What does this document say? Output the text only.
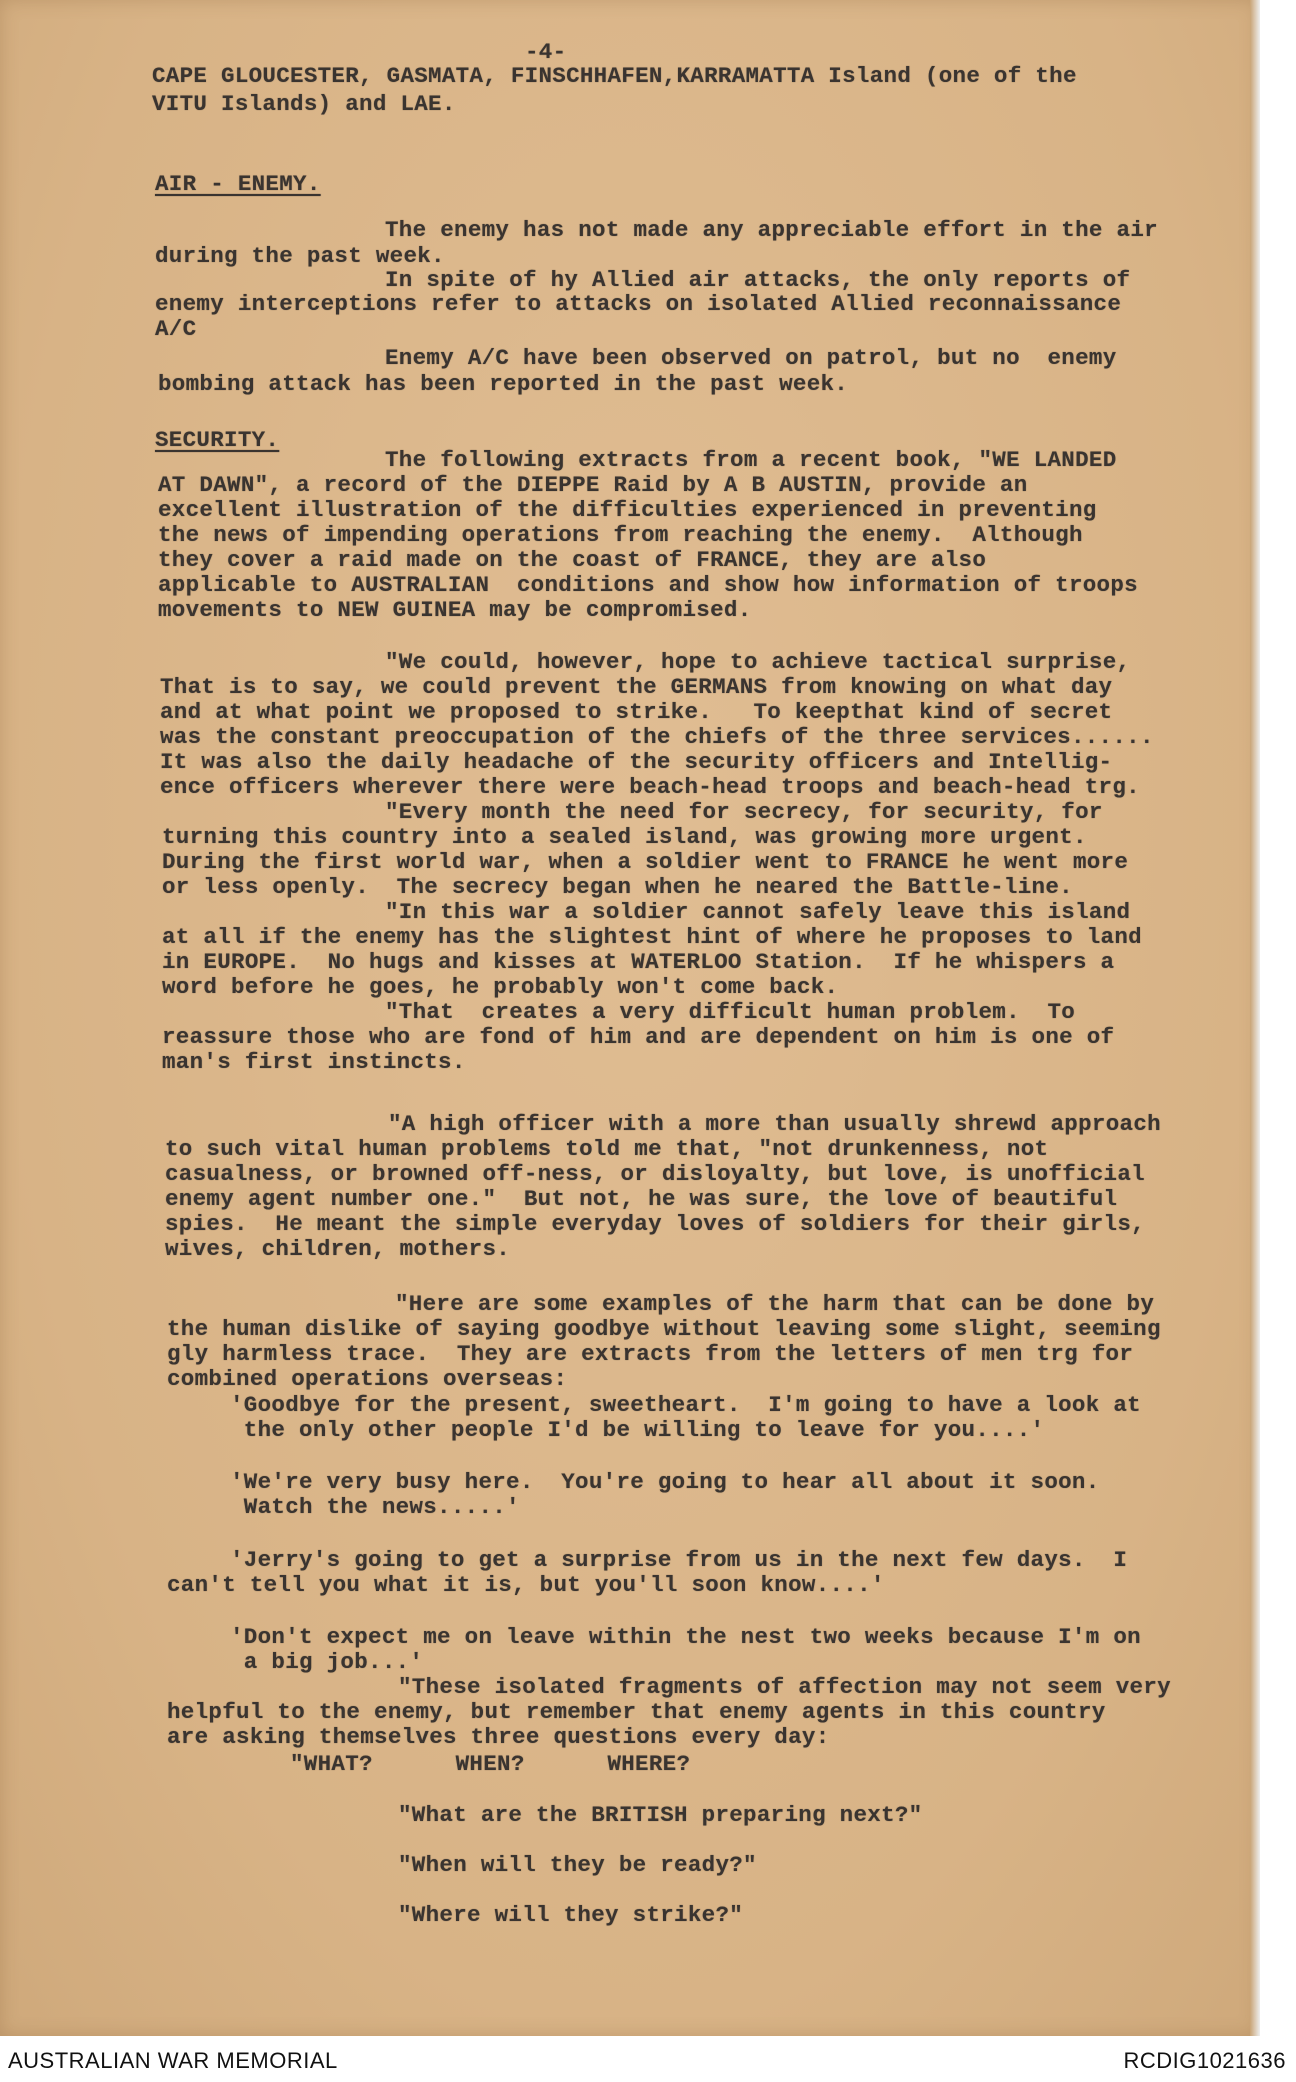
-4-
CAPE GLOUCESTER, GASMATA, FINSCHHAFEN,KARRAMATTA Island (one of the
VITU Islands) and LAE.
AIR - ENEMY.
The enemy has not made any appreciable effort in the air
during the past week.
In spite of hy Allied air attacks, the only reports of
enemy interceptions refer to attacks on isolated Allied reconnaissance
A/C
Enemy A/C have been observed on patrol, but no  enemy
bombing attack has been reported in the past week.
SECURITY.
The following extracts from a recent book, "WE LANDED
AT DAWN", a record of the DIEPPE Raid by A B AUSTIN, provide an
excellent illustration of the difficulties experienced in preventing
the news of impending operations from reaching the enemy.  Although
they cover a raid made on the coast of FRANCE, they are also
applicable to AUSTRALIAN  conditions and show how information of troops
movements to NEW GUINEA may be compromised.
"We could, however, hope to achieve tactical surprise,
That is to say, we could prevent the GERMANS from knowing on what day
and at what point we proposed to strike.   To keepthat kind of secret
was the constant preoccupation of the chiefs of the three services......
It was also the daily headache of the security officers and Intellig-
ence officers wherever there were beach-head troops and beach-head trg.
"Every month the need for secrecy, for security, for
turning this country into a sealed island, was growing more urgent.
During the first world war, when a soldier went to FRANCE he went more
or less openly.  The secrecy began when he neared the Battle-line.
"In this war a soldier cannot safely leave this island
at all if the enemy has the slightest hint of where he proposes to land
in EUROPE.  No hugs and kisses at WATERLOO Station.  If he whispers a
word before he goes, he probably won't come back.
"That  creates a very difficult human problem.  To
reassure those who are fond of him and are dependent on him is one of
man's first instincts.
"A high officer with a more than usually shrewd approach
to such vital human problems told me that, "not drunkenness, not
casualness, or browned off-ness, or disloyalty, but love, is unofficial
enemy agent number one."  But not, he was sure, the love of beautiful
spies.  He meant the simple everyday loves of soldiers for their girls,
wives, children, mothers.
"Here are some examples of the harm that can be done by
the human dislike of saying goodbye without leaving some slight, seeming
gly harmless trace.  They are extracts from the letters of men trg for
combined operations overseas:
'Goodbye for the present, sweetheart.  I'm going to have a look at
the only other people I'd be willing to leave for you....'
'We're very busy here.  You're going to hear all about it soon.
Watch the news.....'
'Jerry's going to get a surprise from us in the next few days.  I
can't tell you what it is, but you'll soon know....'
'Don't expect me on leave within the nest two weeks because I'm on
a big job...'
"These isolated fragments of affection may not seem very
helpful to the enemy, but remember that enemy agents in this country
are asking themselves three questions every day:
"WHAT?      WHEN?      WHERE?
"What are the BRITISH preparing next?"
"When will they be ready?"
"Where will they strike?"
AUSTRALIAN WAR MEMORIAL	RCDIG1021636
